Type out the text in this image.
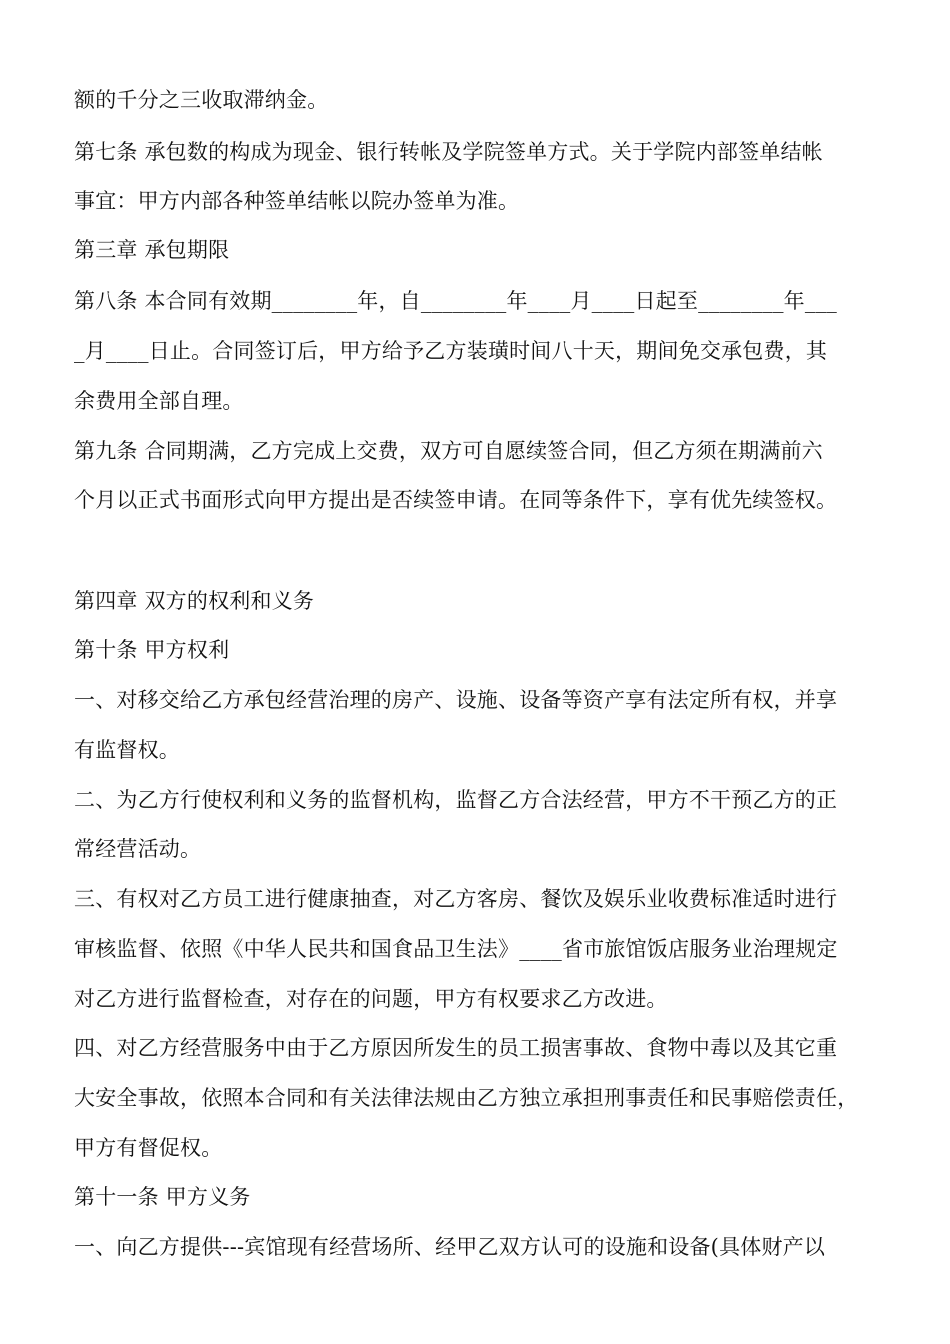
额的千分之三收取滞纳金。
第七条 承包数的构成为现金、银行转帐及学院签单方式。关于学院内部签单结帐
事宜：甲方内部各种签单结帐以院办签单为准。
第三章 承包期限
第八条 本合同有效期________年，自________年____月____日起至________年___
_月____日止。合同签订后，甲方给予乙方装璜时间八十天，期间免交承包费，其
余费用全部自理。
第九条 合同期满，乙方完成上交费，双方可自愿续签合同，但乙方须在期满前六
个月以正式书面形式向甲方提出是否续签申请。在同等条件下，享有优先续签权。
第四章 双方的权利和义务
第十条 甲方权利
一、对移交给乙方承包经营治理的房产、设施、设备等资产享有法定所有权，并享
有监督权。
二、为乙方行使权利和义务的监督机构，监督乙方合法经营，甲方不干预乙方的正
常经营活动。
三、有权对乙方员工进行健康抽查，对乙方客房、餐饮及娱乐业收费标准适时进行
审核监督、依照《中华人民共和国食品卫生法》____省市旅馆饭店服务业治理规定
对乙方进行监督检查，对存在的问题，甲方有权要求乙方改进。
四、对乙方经营服务中由于乙方原因所发生的员工损害事故、食物中毒以及其它重
大安全事故，依照本合同和有关法律法规由乙方独立承担刑事责任和民事赔偿责任，
甲方有督促权。
第十一条 甲方义务
一、向乙方提供---宾馆现有经营场所、经甲乙双方认可的设施和设备(具体财产以
